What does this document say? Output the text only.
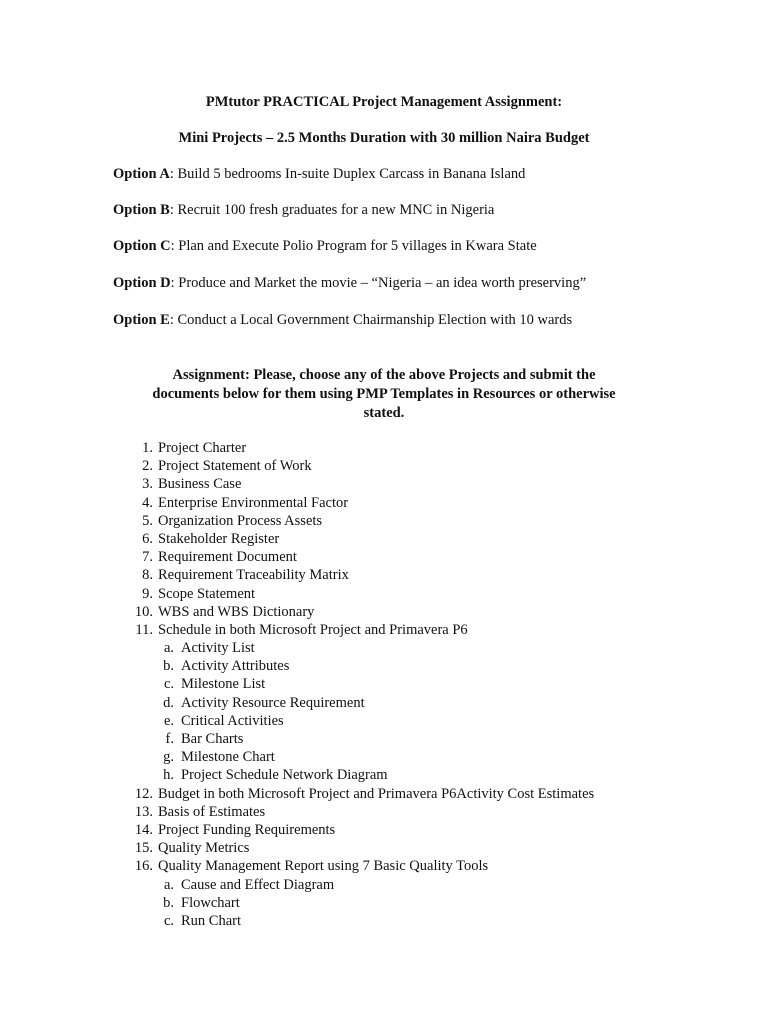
PMtutor PRACTICAL Project Management Assignment:
Mini Projects – 2.5 Months Duration with 30 million Naira Budget
Option A: Build 5 bedrooms In-suite Duplex Carcass in Banana Island
Option B: Recruit 100 fresh graduates for a new MNC in Nigeria
Option C: Plan and Execute Polio Program for 5 villages in Kwara State
Option D: Produce and Market the movie – “Nigeria – an idea worth preserving”
Option E: Conduct a Local Government Chairmanship Election with 10 wards
Assignment: Please, choose any of the above Projects and submit the
documents below for them using PMP Templates in Resources or otherwise
stated.
1. Project Charter
2. Project Statement of Work
3. Business Case
4. Enterprise Environmental Factor
5. Organization Process Assets
6. Stakeholder Register
7. Requirement Document
8. Requirement Traceability Matrix
9. Scope Statement
10. WBS and WBS Dictionary
11. Schedule in both Microsoft Project and Primavera P6
a. Activity List
b. Activity Attributes
c. Milestone List
d. Activity Resource Requirement
e. Critical Activities
f. Bar Charts
g. Milestone Chart
h. Project Schedule Network Diagram
12. Budget in both Microsoft Project and Primavera P6Activity Cost Estimates
13. Basis of Estimates
14. Project Funding Requirements
15. Quality Metrics
16. Quality Management Report using 7 Basic Quality Tools
a. Cause and Effect Diagram
b. Flowchart
c. Run Chart
